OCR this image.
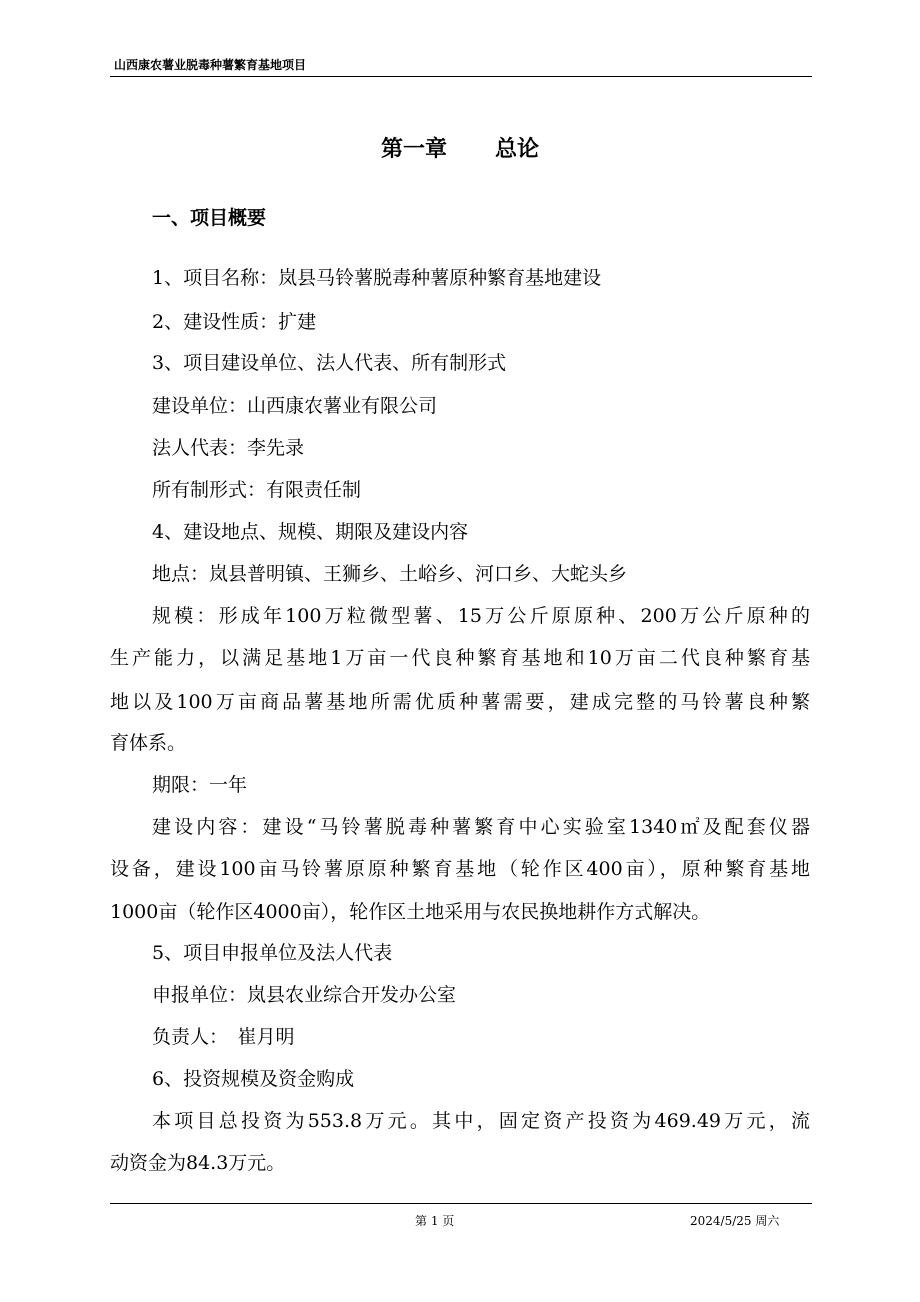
山西康农薯业脱毒种薯繁育基地项目
第一章 总论
一、项目概要
1、项目名称：岚县马铃薯脱毒种薯原种繁育基地建设
2、建设性质：扩建
3、项目建设单位、法人代表、所有制形式
建设单位：山西康农薯业有限公司
法人代表：李先录
所有制形式：有限责任制
4、建设地点、规模、期限及建设内容
地点：岚县普明镇、王狮乡、土峪乡、河口乡、大蛇头乡
规模：形成年100万粒微型薯、15万公斤原原种、200万公斤原种的
生产能力，以满足基地1万亩一代良种繁育基地和10万亩二代良种繁育基
地以及100万亩商品薯基地所需优质种薯需要，建成完整的马铃薯良种繁
育体系。
期限：一年
建设内容：建设“马铃薯脱毒种薯繁育中心实验室1340㎡及配套仪器
设备，建设100亩马铃薯原原种繁育基地（轮作区400亩），原种繁育基地
1000亩（轮作区4000亩），轮作区土地采用与农民换地耕作方式解决。
5、项目申报单位及法人代表
申报单位：岚县农业综合开发办公室
负责人：　崔月明
6、投资规模及资金购成
本项目总投资为553.8万元。其中，固定资产投资为469.49万元，流
动资金为84.3万元。
第 1 页	2024/5/25 周六
